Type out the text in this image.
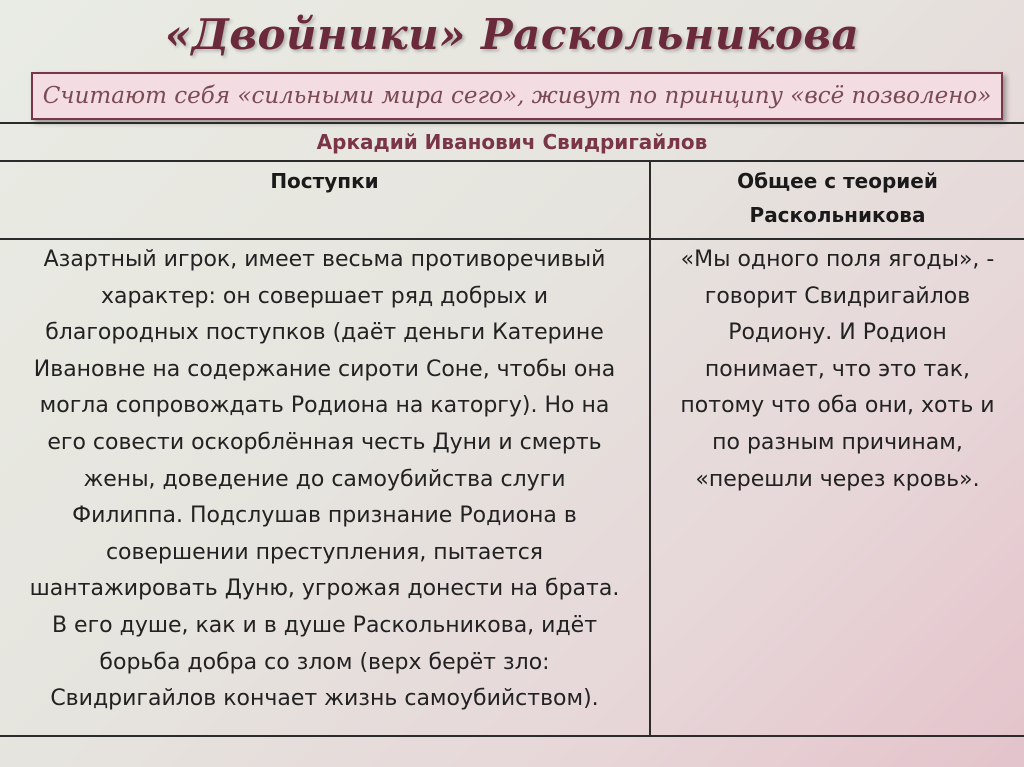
«Двойники» Раскольникова
Считают себя «сильными мира сего», живут по принципу «всё позволено»
Аркадий Иванович Свидригайлов
Поступки	Общее с теорией
Раскольникова
Азартный игрок, имеет весьма противоречивый
характер: он совершает ряд добрых и
благородных поступков (даёт деньги Катерине
Ивановне на содержание сироти Соне, чтобы она
могла сопровождать Родиона на каторгу). Но на
его совести оскорблённая честь Дуни и смерть
жены, доведение до самоубийства слуги
Филиппа. Подслушав признание Родиона в
совершении преступления, пытается
шантажировать Дуню, угрожая донести на брата.
В его душе, как и в душе Раскольникова, идёт
борьба добра со злом (верх берёт зло:
Свидригайлов кончает жизнь самоубийством).
«Мы одного поля ягоды», -
говорит Свидригайлов
Родиону. И Родион
понимает, что это так,
потому что оба они, хоть и
по разным причинам,
«перешли через кровь».
